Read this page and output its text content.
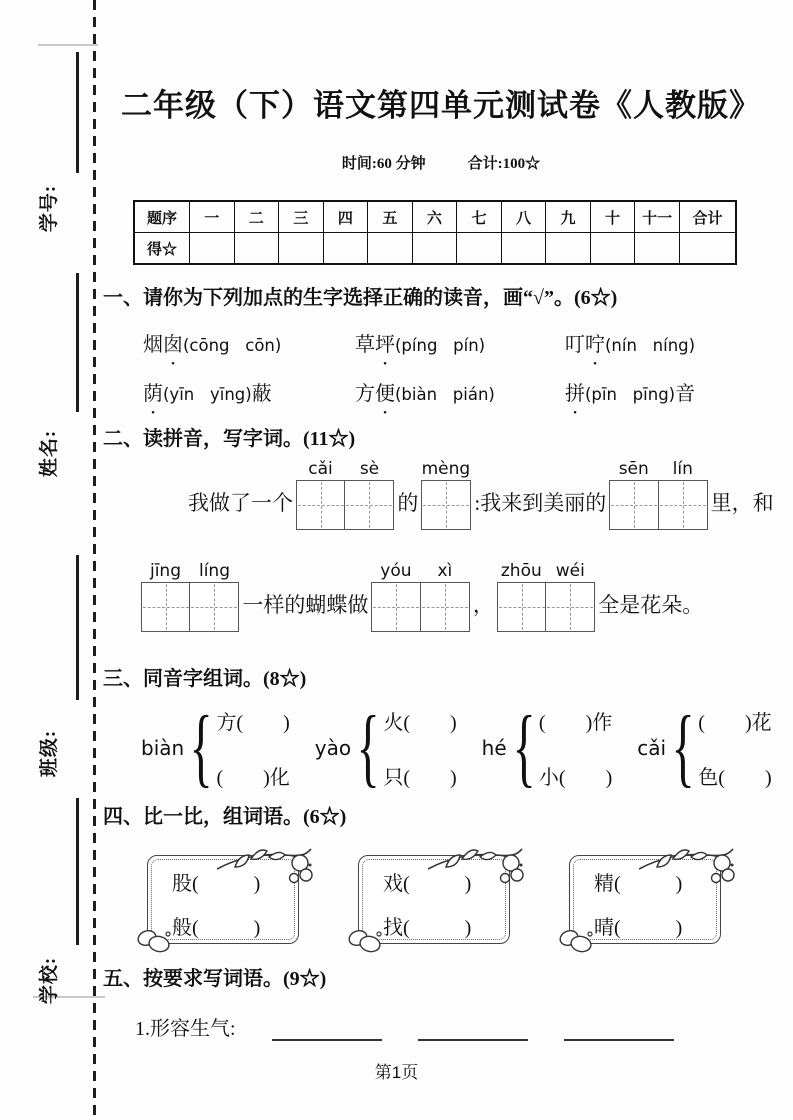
学号:
姓名:
班级:
学校:
二年级（下）语文第四单元测试卷《人教版》
时间:60 分钟	合计:100☆
题序	一	二	三	四	五	六	七	八	九	十	十一	合计
得☆												
一、请你为下列加点的生字选择正确的读音，画“√”。(6☆)
烟囱(cōng   cōn)	草坪(píng   pín)	叮咛(nín   níng)
荫(yīn   yīng)蔽	方便(biàn   pián)	拼(pīn   pīng)音
二、读拼音，写字词。(11☆)
我做了一个
cǎi	sè
的
mèng
:我来到美丽的
sēn	lín
里，和
jīng	líng
一样的蝴蝶做
yóu	xì
，
zhōu wéi
全是花朵。
三、同音字组词。(8☆)
biàn { 方(        )
(        )化
yào { 火(        )
只(        )
hé { (        )作
小(        )
cǎi { (        )花
色(        )
四、比一比，组词语。(6☆)
股(           )
般(           )
戏(           )
找(           )
精(           )
晴(           )
五、按要求写词语。(9☆)
1.形容生气:
第1页
